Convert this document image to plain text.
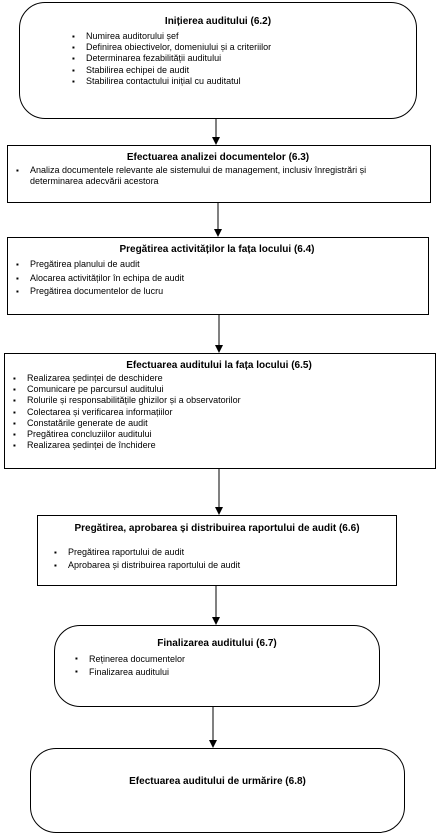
Inițierea auditului (6.2)
▪ Numirea auditorului șef
▪ Definirea obiectivelor, domeniului și a criteriilor
▪ Determinarea fezabilității auditului
▪ Stabilirea echipei de audit
▪ Stabilirea contactului inițial cu auditatul
Efectuarea analizei documentelor (6.3)
▪ Analiza documentele relevante ale sistemului de management, inclusiv înregistrări și determinarea adecvării acestora
Pregătirea activităților la fața locului (6.4)
▪ Pregătirea planului de audit
▪ Alocarea activităților în echipa de audit
▪ Pregătirea documentelor de lucru
Efectuarea auditului la fața locului (6.5)
▪ Realizarea ședinței de deschidere
▪ Comunicare pe parcursul auditului
▪ Rolurile și responsabilitățile ghizilor și a observatorilor
▪ Colectarea și verificarea informațiilor
▪ Constatările generate de audit
▪ Pregătirea concluziilor auditului
▪ Realizarea ședinței de închidere
Pregătirea, aprobarea și distribuirea raportului de audit (6.6)
▪ Pregătirea raportului de audit
▪ Aprobarea și distribuirea raportului de audit
Finalizarea auditului (6.7)
▪ Reținerea documentelor
▪ Finalizarea auditului
Efectuarea auditului de urmărire (6.8)
